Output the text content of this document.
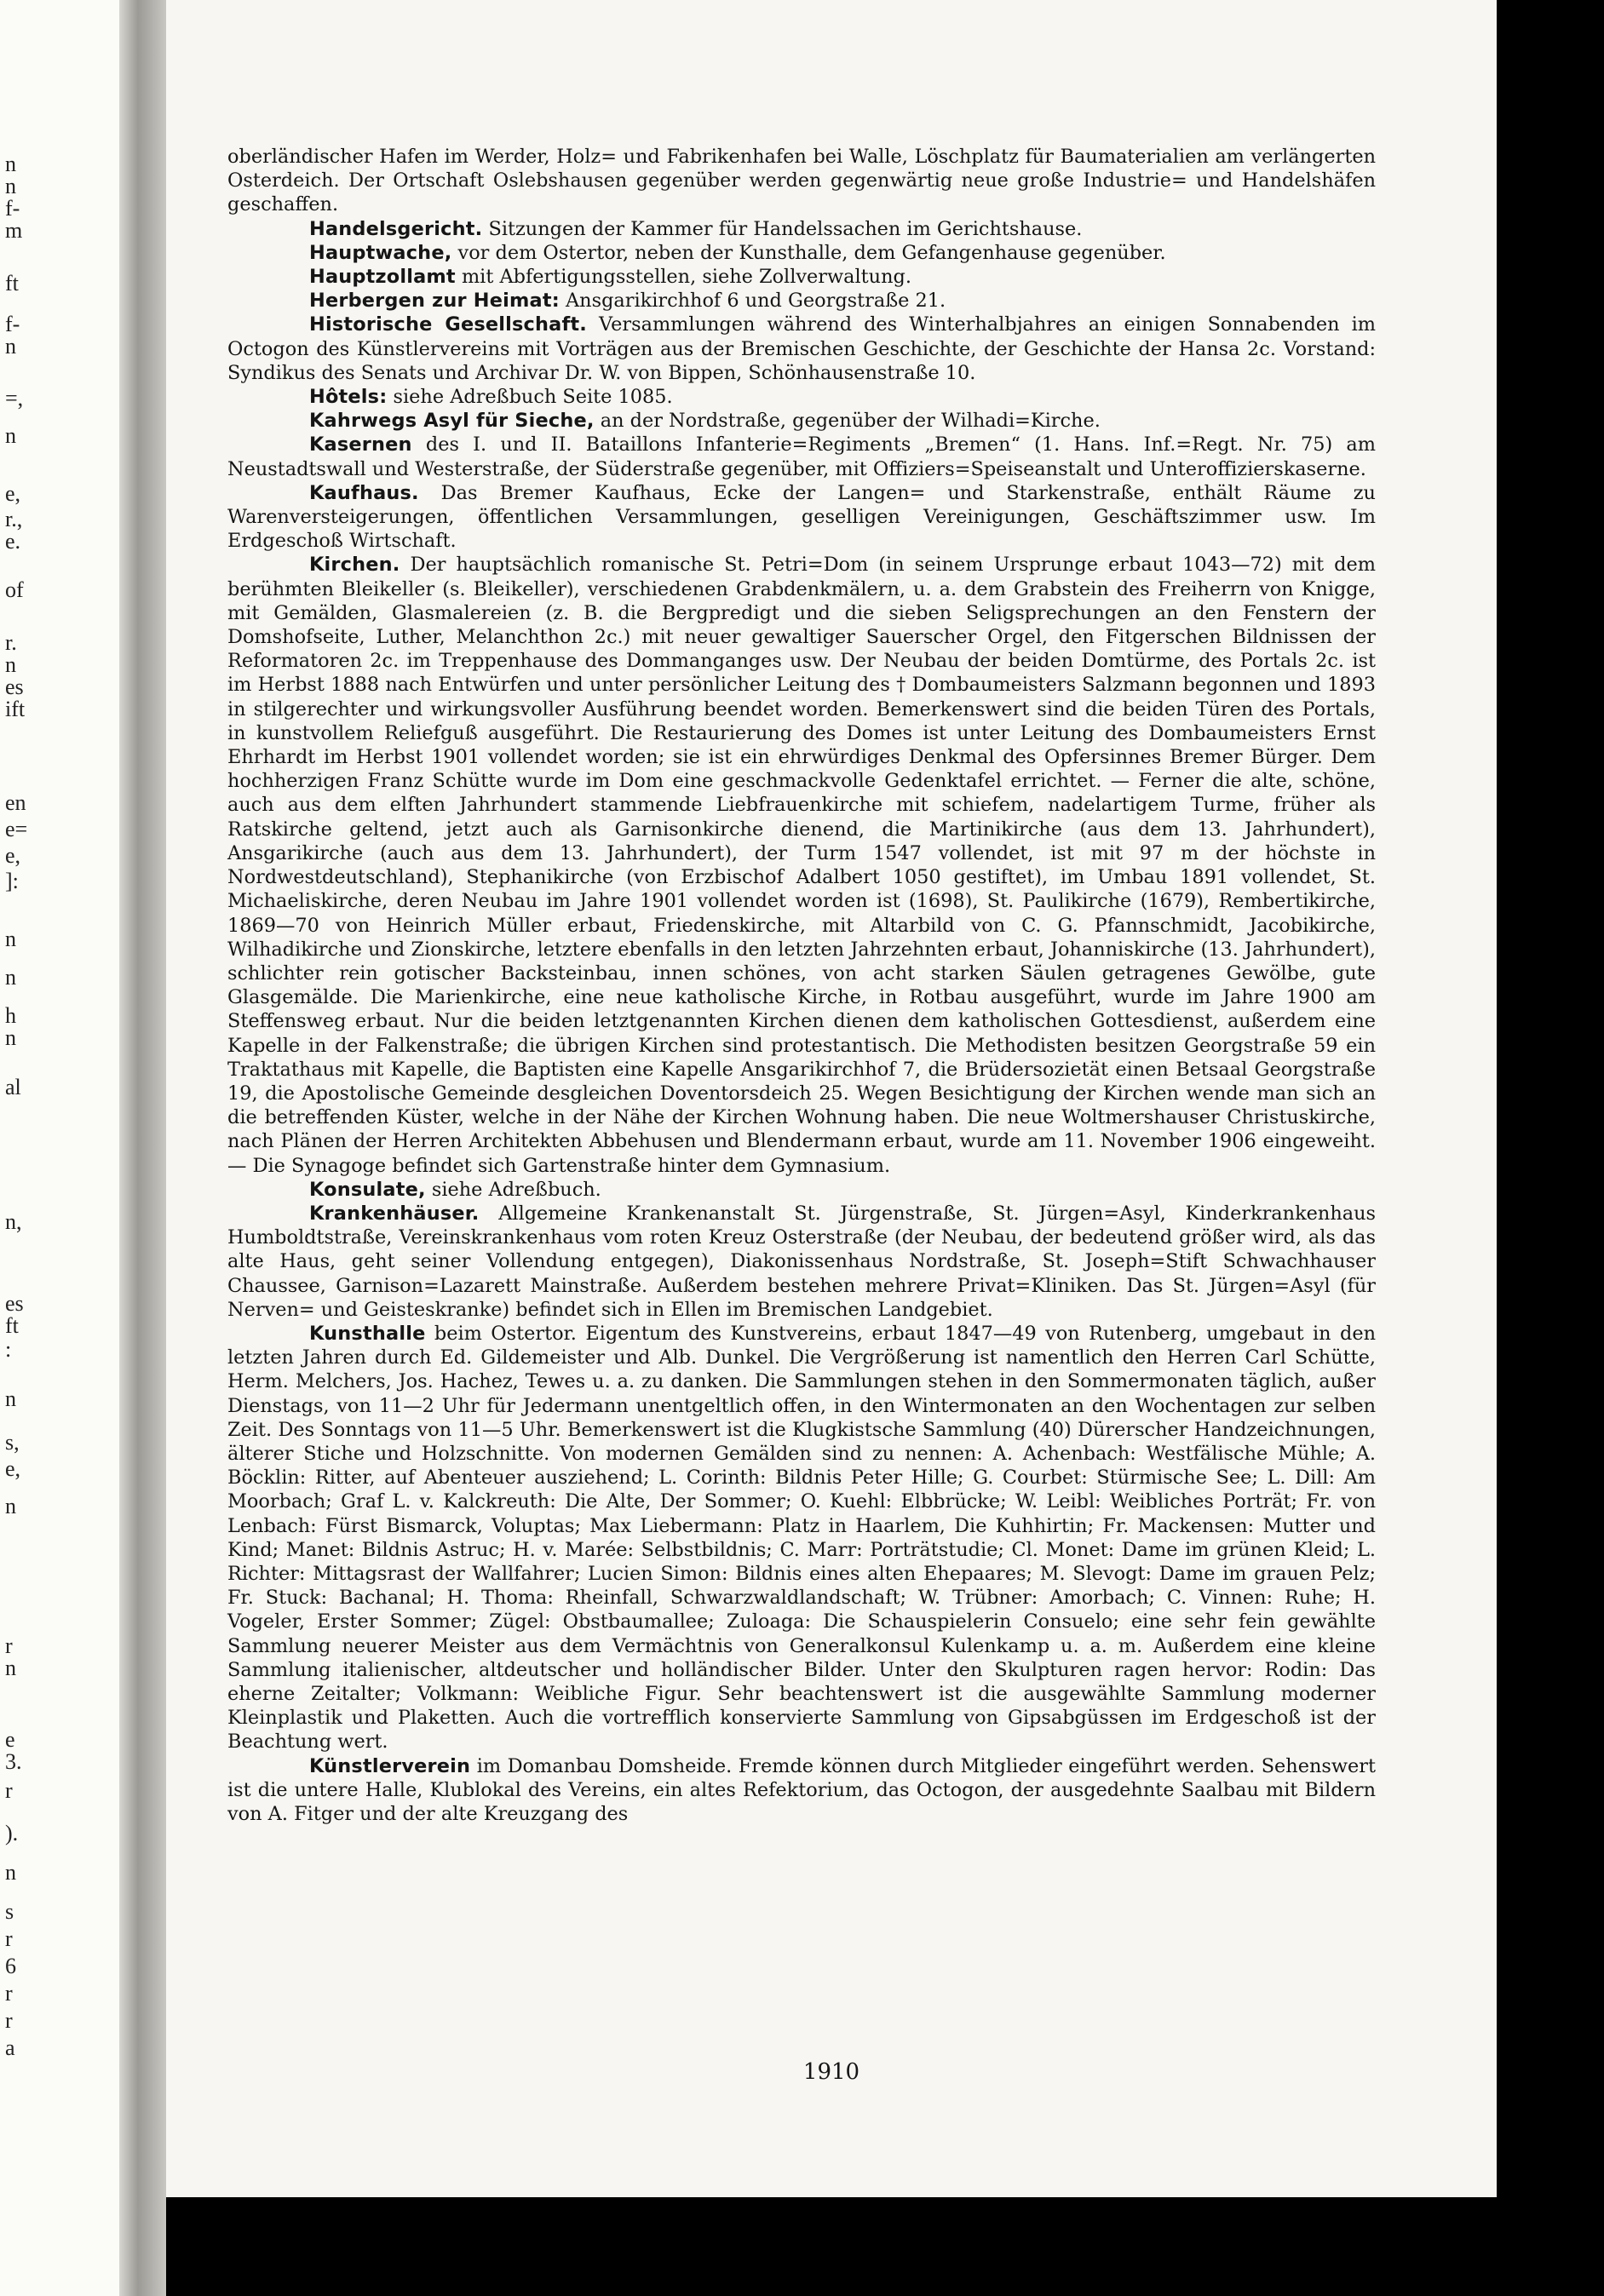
n
n
f-
m
ft
f-
n
=,
n
e,
r.,
e.
of
r.
n
es
ift
en
e=
e,
]:
n
n
h
n
al
n,
es
ft
:
n
s,
e,
n
r
n
e
3.
r
).
n
s
r
6
r
r
a

oberländischer Hafen im Werder, Holz= und Fabrikenhafen bei Walle, Löschplatz für Baumaterialien am verlängerten Osterdeich. Der Ortschaft Oslebshausen gegenüber werden gegenwärtig neue große Industrie= und Handelshäfen geschaffen.

Handelsgericht. Sitzungen der Kammer für Handelssachen im Gerichtshause.

Hauptwache, vor dem Ostertor, neben der Kunsthalle, dem Gefangenhause gegenüber.

Hauptzollamt mit Abfertigungsstellen, siehe Zollverwaltung.

Herbergen zur Heimat: Ansgarikirchhof 6 und Georgstraße 21.

Historische Gesellschaft. Versammlungen während des Winterhalbjahres an einigen Sonnabenden im Octogon des Künstlervereins mit Vorträgen aus der Bremischen Geschichte, der Geschichte der Hansa 2c. Vorstand: Syndikus des Senats und Archivar Dr. W. von Bippen, Schönhausenstraße 10.

Hôtels: siehe Adreßbuch Seite 1085.

Kahrwegs Asyl für Sieche, an der Nordstraße, gegenüber der Wilhadi=Kirche.

Kasernen des I. und II. Bataillons Infanterie=Regiments „Bremen“ (1. Hans. Inf.=Regt. Nr. 75) am Neustadtswall und Westerstraße, der Süderstraße gegenüber, mit Offiziers=Speiseanstalt und Unteroffizierskaserne.

Kaufhaus. Das Bremer Kaufhaus, Ecke der Langen= und Starkenstraße, enthält Räume zu Warenversteigerungen, öffentlichen Versammlungen, geselligen Vereinigungen, Geschäftszimmer usw. Im Erdgeschoß Wirtschaft.

Kirchen. Der hauptsächlich romanische St. Petri=Dom (in seinem Ursprunge erbaut 1043—72) mit dem berühmten Bleikeller (s. Bleikeller), verschiedenen Grabdenkmälern, u. a. dem Grabstein des Freiherrn von Knigge, mit Gemälden, Glasmalereien (z. B. die Bergpredigt und die sieben Seligsprechungen an den Fenstern der Domshofseite, Luther, Melanchthon 2c.) mit neuer gewaltiger Sauerscher Orgel, den Fitgerschen Bildnissen der Reformatoren 2c. im Treppenhause des Dommanganges usw. Der Neubau der beiden Domtürme, des Portals 2c. ist im Herbst 1888 nach Entwürfen und unter persönlicher Leitung des † Dombaumeisters Salzmann begonnen und 1893 in stilgerechter und wirkungsvoller Ausführung beendet worden. Bemerkenswert sind die beiden Türen des Portals, in kunstvollem Reliefguß ausgeführt. Die Restaurierung des Domes ist unter Leitung des Dombaumeisters Ernst Ehrhardt im Herbst 1901 vollendet worden; sie ist ein ehrwürdiges Denkmal des Opfersinnes Bremer Bürger. Dem hochherzigen Franz Schütte wurde im Dom eine geschmackvolle Gedenktafel errichtet. — Ferner die alte, schöne, auch aus dem elften Jahrhundert stammende Liebfrauenkirche mit schiefem, nadelartigem Turme, früher als Ratskirche geltend, jetzt auch als Garnisonkirche dienend, die Martinikirche (aus dem 13. Jahrhundert), Ansgarikirche (auch aus dem 13. Jahrhundert), der Turm 1547 vollendet, ist mit 97 m der höchste in Nordwestdeutschland), Stephanikirche (von Erzbischof Adalbert 1050 gestiftet), im Umbau 1891 vollendet, St. Michaeliskirche, deren Neubau im Jahre 1901 vollendet worden ist (1698), St. Paulikirche (1679), Rembertikirche, 1869—70 von Heinrich Müller erbaut, Friedenskirche, mit Altarbild von C. G. Pfannschmidt, Jacobikirche, Wilhadikirche und Zionskirche, letztere ebenfalls in den letzten Jahrzehnten erbaut, Johanniskirche (13. Jahrhundert), schlichter rein gotischer Backsteinbau, innen schönes, von acht starken Säulen getragenes Gewölbe, gute Glasgemälde. Die Marienkirche, eine neue katholische Kirche, in Rotbau ausgeführt, wurde im Jahre 1900 am Steffensweg erbaut. Nur die beiden letztgenannten Kirchen dienen dem katholischen Gottesdienst, außerdem eine Kapelle in der Falkenstraße; die übrigen Kirchen sind protestantisch. Die Methodisten besitzen Georgstraße 59 ein Traktathaus mit Kapelle, die Baptisten eine Kapelle Ansgarikirchhof 7, die Brüdersozietät einen Betsaal Georgstraße 19, die Apostolische Gemeinde desgleichen Doventorsdeich 25. Wegen Besichtigung der Kirchen wende man sich an die betreffenden Küster, welche in der Nähe der Kirchen Wohnung haben. Die neue Woltmershauser Christuskirche, nach Plänen der Herren Architekten Abbehusen und Blendermann erbaut, wurde am 11. November 1906 eingeweiht. — Die Synagoge befindet sich Gartenstraße hinter dem Gymnasium.

Konsulate, siehe Adreßbuch.

Krankenhäuser. Allgemeine Krankenanstalt St. Jürgenstraße, St. Jürgen=Asyl, Kinderkrankenhaus Humboldtstraße, Vereinskrankenhaus vom roten Kreuz Osterstraße (der Neubau, der bedeutend größer wird, als das alte Haus, geht seiner Vollendung entgegen), Diakonissenhaus Nordstraße, St. Joseph=Stift Schwachhauser Chaussee, Garnison=Lazarett Mainstraße. Außerdem bestehen mehrere Privat=Kliniken. Das St. Jürgen=Asyl (für Nerven= und Geisteskranke) befindet sich in Ellen im Bremischen Landgebiet.

Kunsthalle beim Ostertor. Eigentum des Kunstvereins, erbaut 1847—49 von Rutenberg, umgebaut in den letzten Jahren durch Ed. Gildemeister und Alb. Dunkel. Die Vergrößerung ist namentlich den Herren Carl Schütte, Herm. Melchers, Jos. Hachez, Tewes u. a. zu danken. Die Sammlungen stehen in den Sommermonaten täglich, außer Dienstags, von 11—2 Uhr für Jedermann unentgeltlich offen, in den Wintermonaten an den Wochentagen zur selben Zeit. Des Sonntags von 11—5 Uhr. Bemerkenswert ist die Klugkistsche Sammlung (40) Dürerscher Handzeichnungen, älterer Stiche und Holzschnitte. Von modernen Gemälden sind zu nennen: A. Achenbach: Westfälische Mühle; A. Böcklin: Ritter, auf Abenteuer ausziehend; L. Corinth: Bildnis Peter Hille; G. Courbet: Stürmische See; L. Dill: Am Moorbach; Graf L. v. Kalckreuth: Die Alte, Der Sommer; O. Kuehl: Elbbrücke; W. Leibl: Weibliches Porträt; Fr. von Lenbach: Fürst Bismarck, Voluptas; Max Liebermann: Platz in Haarlem, Die Kuhhirtin; Fr. Mackensen: Mutter und Kind; Manet: Bildnis Astruc; H. v. Marée: Selbstbildnis; C. Marr: Porträtstudie; Cl. Monet: Dame im grünen Kleid; L. Richter: Mittagsrast der Wallfahrer; Lucien Simon: Bildnis eines alten Ehepaares; M. Slevogt: Dame im grauen Pelz; Fr. Stuck: Bachanal; H. Thoma: Rheinfall, Schwarzwaldlandschaft; W. Trübner: Amorbach; C. Vinnen: Ruhe; H. Vogeler, Erster Sommer; Zügel: Obstbaumallee; Zuloaga: Die Schauspielerin Consuelo; eine sehr fein gewählte Sammlung neuerer Meister aus dem Vermächtnis von Generalkonsul Kulenkamp u. a. m. Außerdem eine kleine Sammlung italienischer, altdeutscher und holländischer Bilder. Unter den Skulpturen ragen hervor: Rodin: Das eherne Zeitalter; Volkmann: Weibliche Figur. Sehr beachtenswert ist die ausgewählte Sammlung moderner Kleinplastik und Plaketten. Auch die vortrefflich konservierte Sammlung von Gipsabgüssen im Erdgeschoß ist der Beachtung wert.

Künstlerverein im Domanbau Domsheide. Fremde können durch Mitglieder eingeführt werden. Sehenswert ist die untere Halle, Klublokal des Vereins, ein altes Refektorium, das Octogon, der ausgedehnte Saalbau mit Bildern von A. Fitger und der alte Kreuzgang des

1910
